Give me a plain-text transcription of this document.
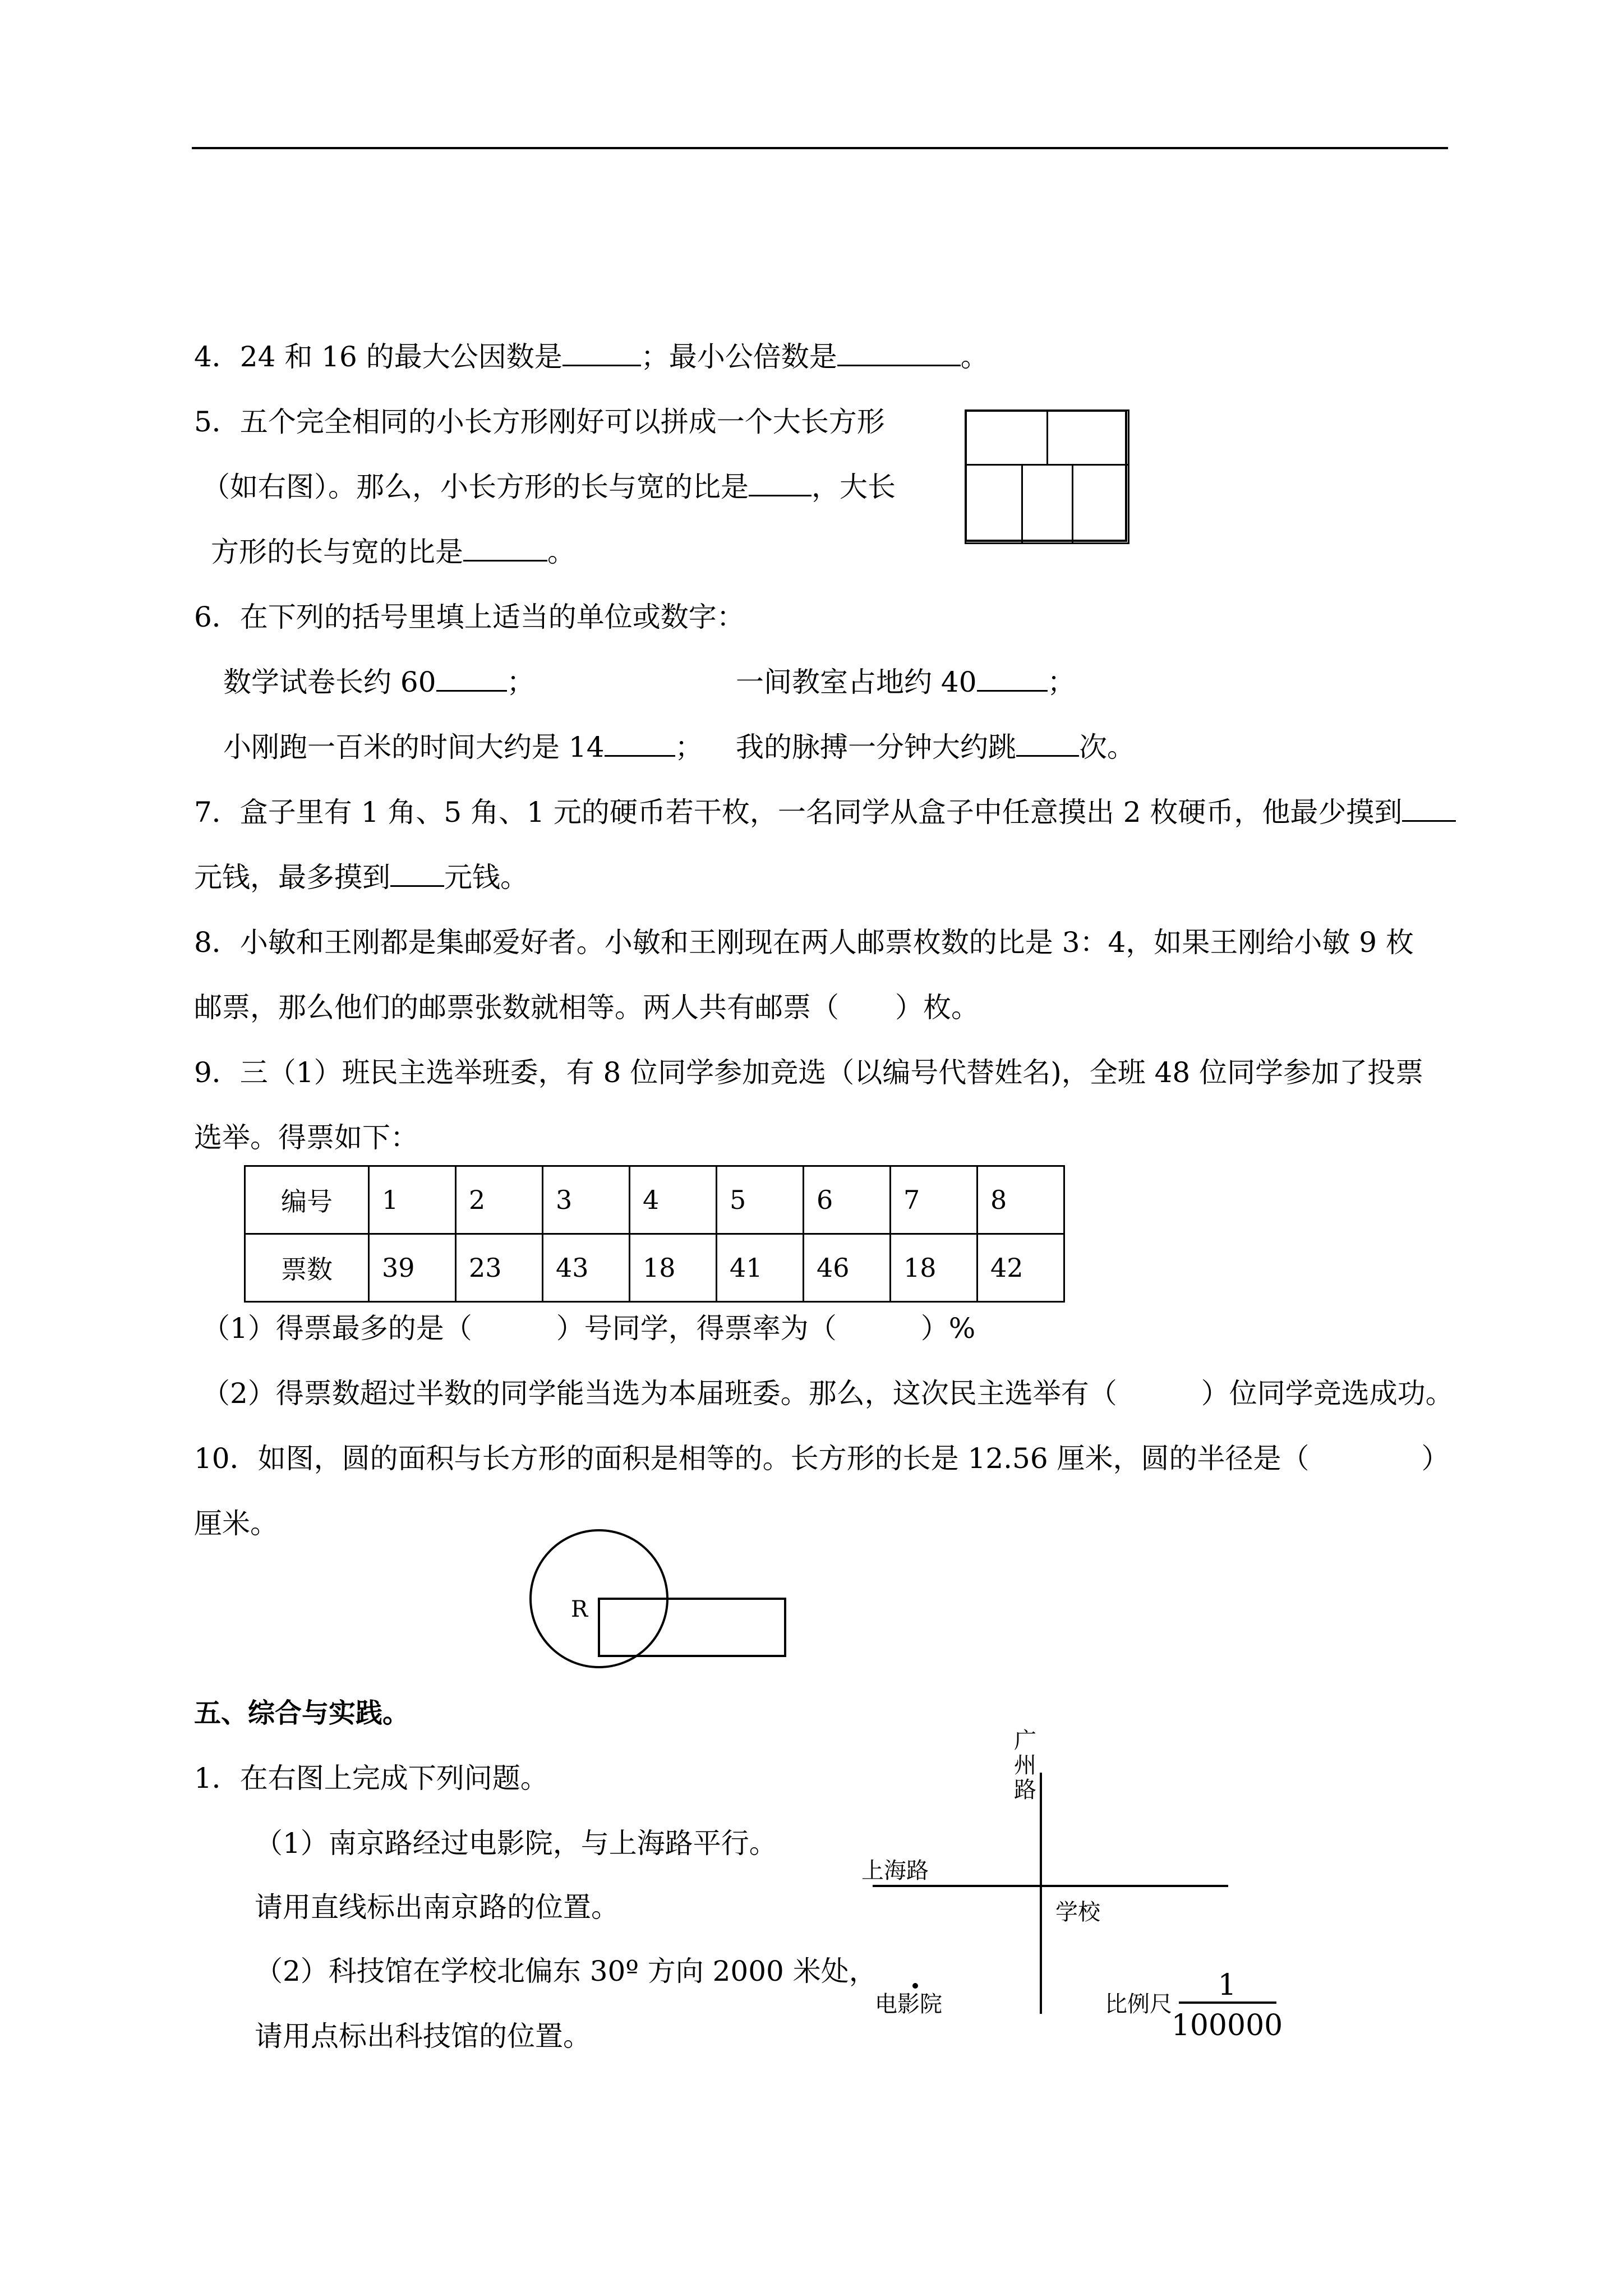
4．24 和 16 的最大公因数是	；最小公倍数是	。
5．五个完全相同的小长方形刚好可以拼成一个大长方形
（如右图）。那么，小长方形的长与宽的比是 ，大长
方形的长与宽的比是	。
6．在下列的括号里填上适当的单位或数字：
数学试卷长约 60	；	一间教室占地约 40	；
小刚跑一百米的时间大约是 14	； 我的脉搏一分钟大约跳 次。
7．盒子里有 1 角、5 角、1 元的硬币若干枚，一名同学从盒子中任意摸出 2 枚硬币，他最少摸到
元钱，最多摸到 元钱。
8．小敏和王刚都是集邮爱好者。小敏和王刚现在两人邮票枚数的比是 3：4，如果王刚给小敏 9 枚
邮票，那么他们的邮票张数就相等。两人共有邮票（　　）枚。
9．三（1）班民主选举班委，有 8 位同学参加竞选（以编号代替姓名)，全班 48 位同学参加了投票
选举。得票如下：
编号	1	2	3	4	5	6	7	8
票数	39	23	43	18	41	46	18	42
（1）得票最多的是（　　　）号同学，得票率为（　　　）%
（2）得票数超过半数的同学能当选为本届班委。那么，这次民主选举有（　　　）位同学竞选成功。
10．如图，圆的面积与长方形的面积是相等的。长方形的长是 12.56 厘米，圆的半径是（　　　　）
厘米。
R
五、综合与实践。
1．在右图上完成下列问题。
（1）南京路经过电影院，与上海路平行。
请用直线标出南京路的位置。
（2）科技馆在学校北偏东 30º 方向 2000 米处，
请用点标出科技馆的位置。
广
州
路
上海路
学校
电影院	比例尺
1
100000
